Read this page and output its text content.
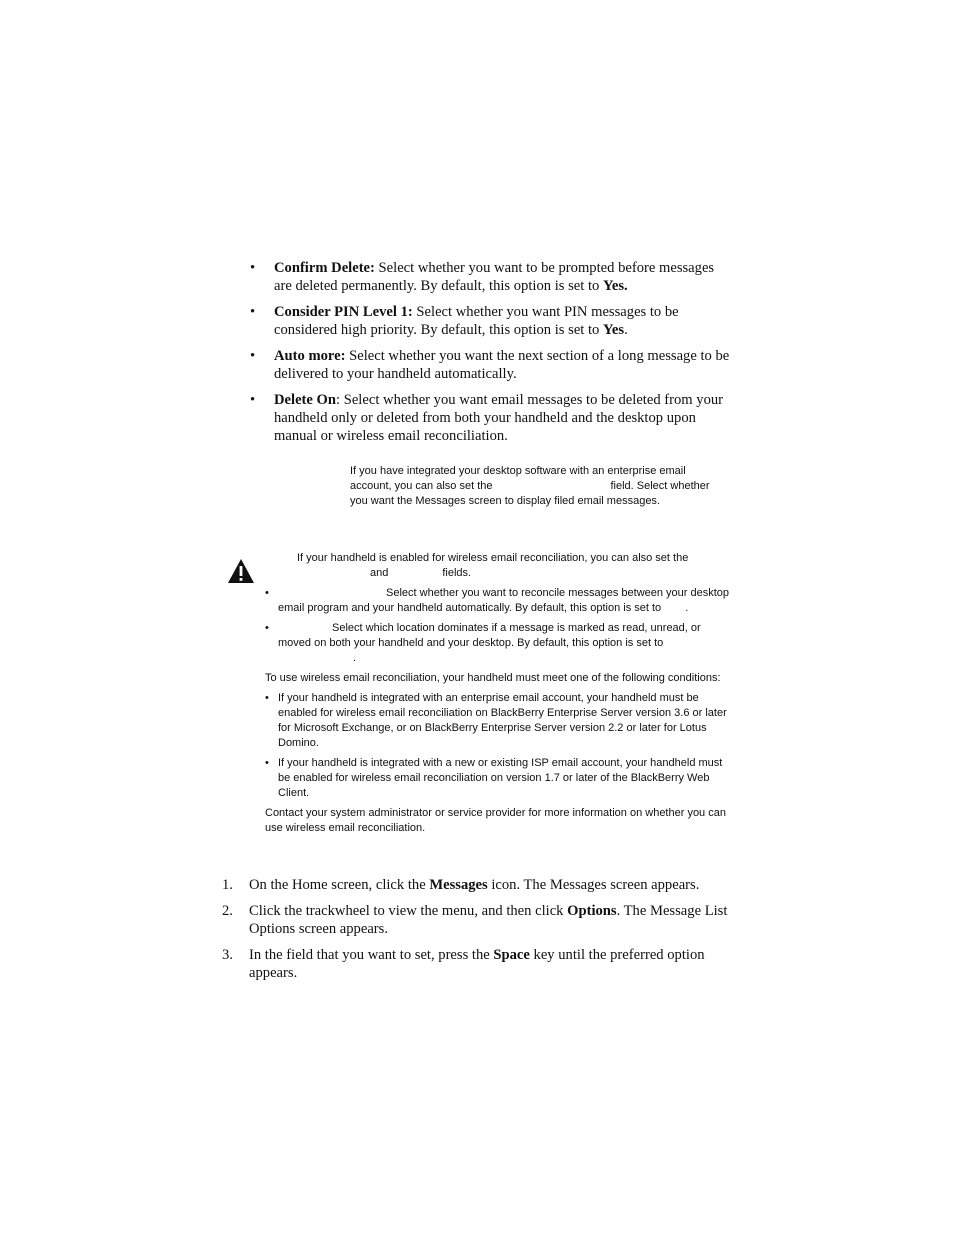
• Confirm Delete: Select whether you want to be prompted before messages are deleted permanently. By default, this option is set to Yes.
• Consider PIN Level 1: Select whether you want PIN messages to be considered high priority. By default, this option is set to Yes.
• Auto more: Select whether you want the next section of a long message to be delivered to your handheld automatically.
• Delete On: Select whether you want email messages to be deleted from your handheld only or deleted from both your handheld and the desktop upon manual or wireless email reconciliation.
If you have integrated your desktop software with an enterprise email account, you can also set the	field. Select whether you want the Messages screen to display filed email messages.
If your handheld is enabled for wireless email reconciliation, you can also set the
and	fields.
•	Select whether you want to reconcile messages between your desktop email program and your handheld automatically. By default, this option is set to .
•	Select which location dominates if a message is marked as read, unread, or moved on both your handheld and your desktop. By default, this option is set to
.

To use wireless email reconciliation, your handheld must meet one of the following conditions:

• If your handheld is integrated with an enterprise email account, your handheld must be enabled for wireless email reconciliation on BlackBerry Enterprise Server version 3.6 or later for Microsoft Exchange, or on BlackBerry Enterprise Server version 2.2 or later for Lotus Domino.
• If your handheld is integrated with a new or existing ISP email account, your handheld must be enabled for wireless email reconciliation on version 1.7 or later of the BlackBerry Web Client.

Contact your system administrator or service provider for more information on whether you can use wireless email reconciliation.

1. On the Home screen, click the Messages icon. The Messages screen appears.
2. Click the trackwheel to view the menu, and then click Options. The Message List Options screen appears.
3. In the field that you want to set, press the Space key until the preferred option appears.
